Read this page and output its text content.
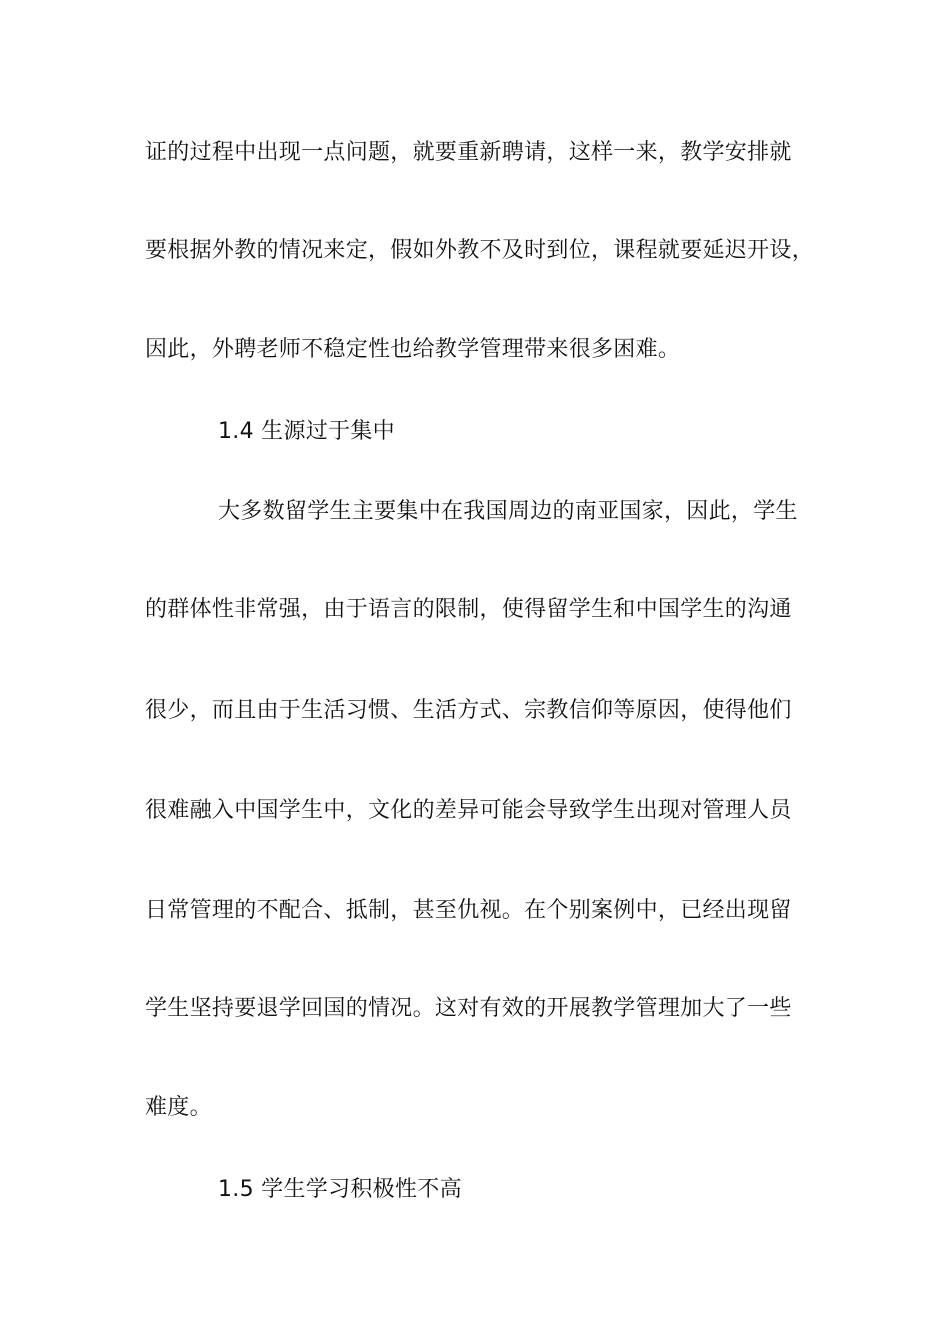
证的过程中出现一点问题，就要重新聘请，这样一来，教学安排就
要根据外教的情况来定，假如外教不及时到位，课程就要延迟开设，
因此，外聘老师不稳定性也给教学管理带来很多困难。
1.4 生源过于集中
大多数留学生主要集中在我国周边的南亚国家，因此，学生
的群体性非常强，由于语言的限制，使得留学生和中国学生的沟通
很少，而且由于生活习惯、生活方式、宗教信仰等原因，使得他们
很难融入中国学生中，文化的差异可能会导致学生出现对管理人员
日常管理的不配合、抵制，甚至仇视。在个别案例中，已经出现留
学生坚持要退学回国的情况。这对有效的开展教学管理加大了一些
难度。
1.5 学生学习积极性不高
